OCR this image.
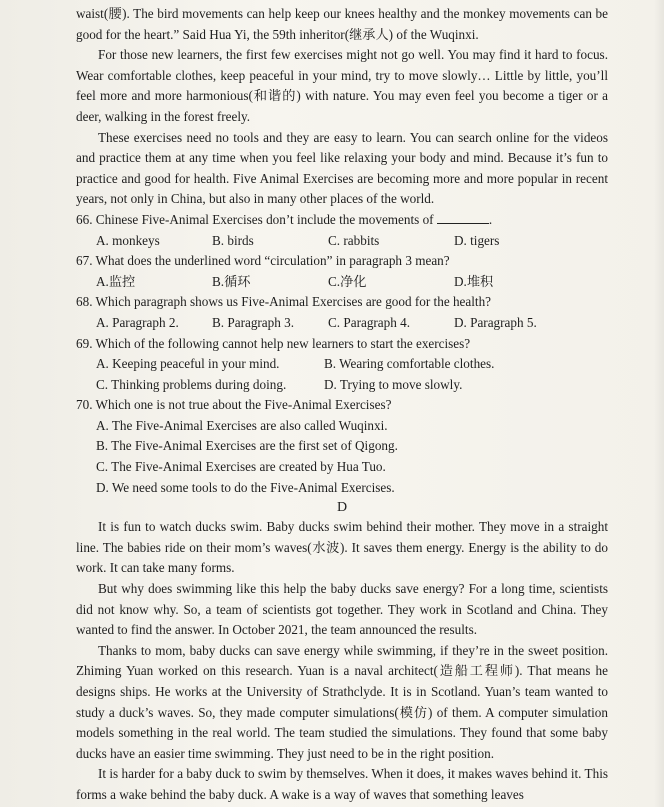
waist(腰). The bird movements can help keep our knees healthy and the monkey movements can be good for the heart.” Said Hua Yi, the 59th inheritor(继承人) of the Wuqinxi.

For those new learners, the first few exercises might not go well. You may find it hard to focus. Wear comfortable clothes, keep peaceful in your mind, try to move slowly… Little by little, you’ll feel more and more harmonious(和谐的) with nature. You may even feel you become a tiger or a deer, walking in the forest freely.

These exercises need no tools and they are easy to learn. You can search online for the videos and practice them at any time when you feel like relaxing your body and mind. Because it’s fun to practice and good for health. Five Animal Exercises are becoming more and more popular in recent years, not only in China, but also in many other places of the world.

66. Chinese Five-Animal Exercises don’t include the movements of	.

A. monkeys	B. birds	C. rabbits	D. tigers

67. What does the underlined word “circulation” in paragraph 3 mean?

A.监控	B.循环	C.净化	D.堆积

68. Which paragraph shows us Five-Animal Exercises are good for the health?

A. Paragraph 2.	B. Paragraph 3.	C. Paragraph 4.	D. Paragraph 5.

69. Which of the following cannot help new learners to start the exercises?

A. Keeping peaceful in your mind.	B. Wearing comfortable clothes.
C. Thinking problems during doing.	D. Trying to move slowly.

70. Which one is not true about the Five-Animal Exercises?

A. The Five-Animal Exercises are also called Wuqinxi.

B. The Five-Animal Exercises are the first set of Qigong.

C. The Five-Animal Exercises are created by Hua Tuo.

D. We need some tools to do the Five-Animal Exercises.

D

It is fun to watch ducks swim. Baby ducks swim behind their mother. They move in a straight line. The babies ride on their mom’s waves(水波). It saves them energy. Energy is the ability to do work. It can take many forms.

But why does swimming like this help the baby ducks save energy? For a long time, scientists did not know why. So, a team of scientists got together. They work in Scotland and China. They wanted to find the answer. In October 2021, the team announced the results.

Thanks to mom, baby ducks can save energy while swimming, if they’re in the sweet position. Zhiming Yuan worked on this research. Yuan is a naval architect(造船工程师). That means he designs ships. He works at the University of Strathclyde. It is in Scotland. Yuan’s team wanted to study a duck’s waves. So, they made computer simulations(模仿) of them. A computer simulation models something in the real world. The team studied the simulations. They found that some baby ducks have an easier time swimming. They just need to be in the right position.

It is harder for a baby duck to swim by themselves. When it does, it makes waves behind it. This forms a wake behind the baby duck. A wake is a way of waves that something leaves
